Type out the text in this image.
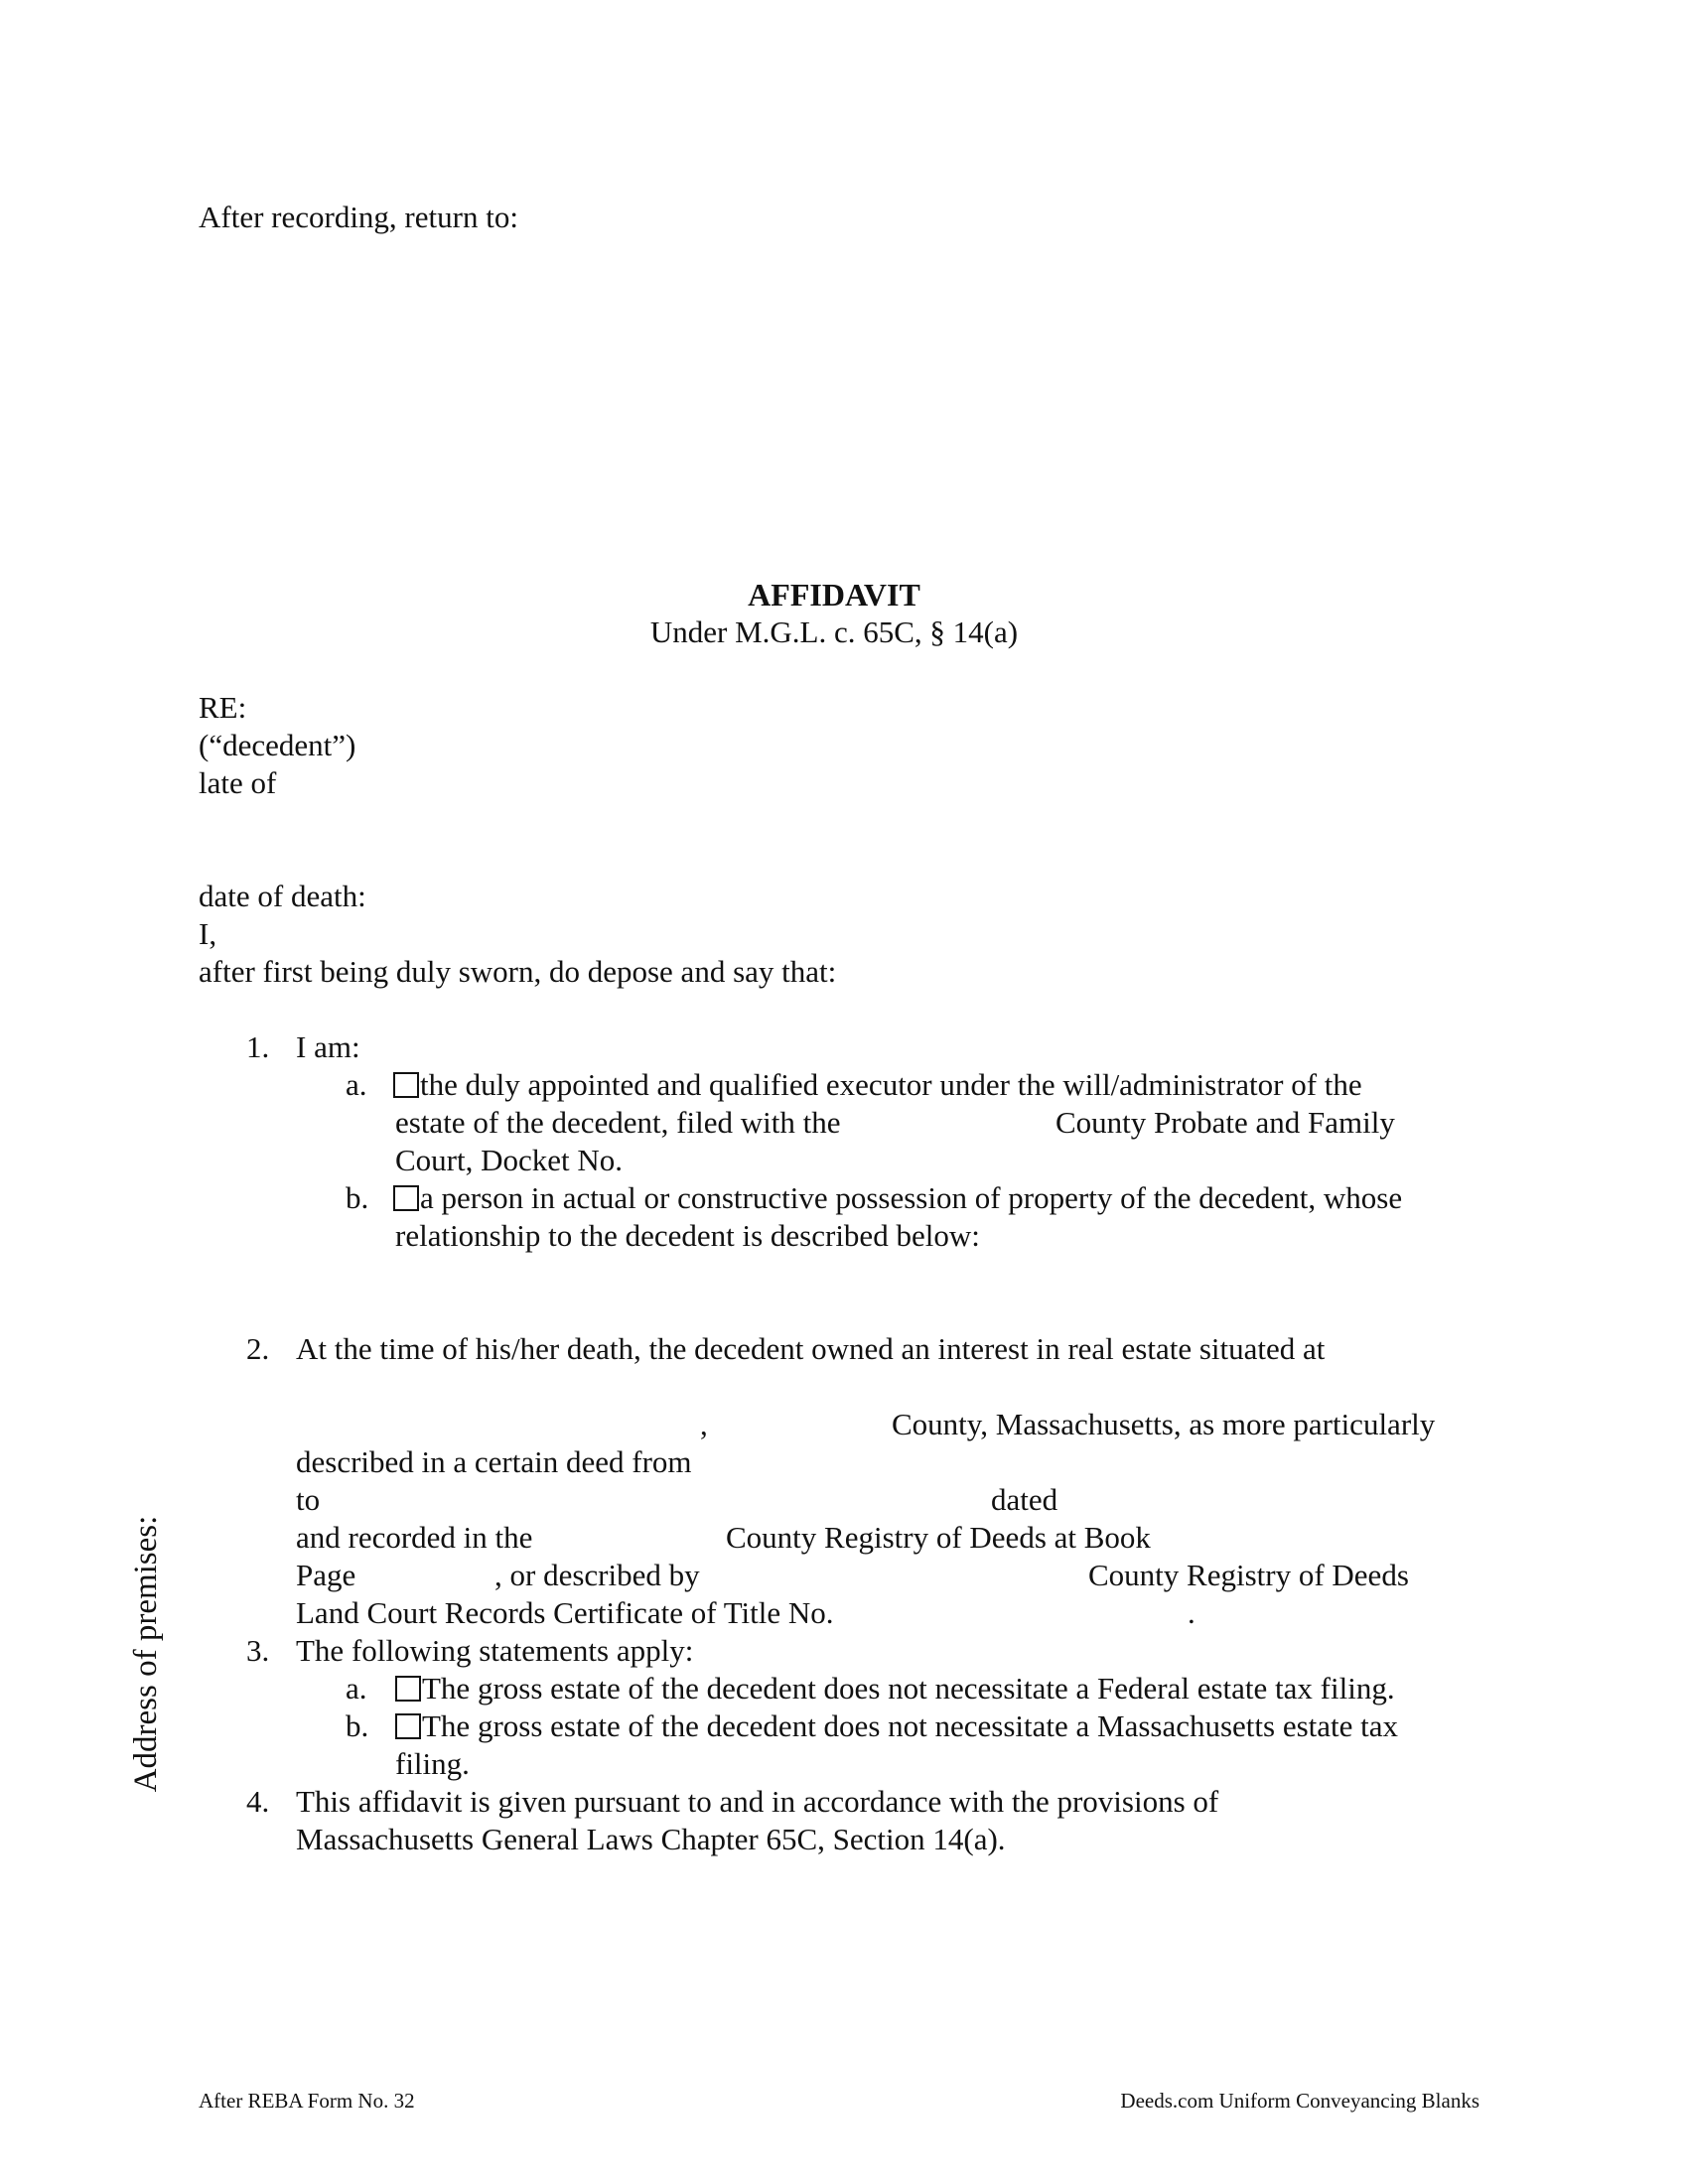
After recording, return to:
AFFIDAVIT
Under M.G.L. c. 65C, § 14(a)
RE:
(“decedent”)
late of
date of death:
I,
after first being duly sworn, do depose and say that:
1. I am:
a.	the duly appointed and qualified executor under the will/administrator of the
estate of the decedent, filed with the	County Probate and Family
Court, Docket No.
b.	a person in actual or constructive possession of property of the decedent, whose
relationship to the decedent is described below:
2. At the time of his/her death, the decedent owned an interest in real estate situated at
,	County, Massachusetts, as more particularly
described in a certain deed from
to	dated
and recorded in the	County Registry of Deeds at Book
Page	, or described by	County Registry of Deeds
Land Court Records Certificate of Title No.	.
3. The following statements apply:
a.	The gross estate of the decedent does not necessitate a Federal estate tax filing.
b.	The gross estate of the decedent does not necessitate a Massachusetts estate tax
filing.
4. This affidavit is given pursuant to and in accordance with the provisions of
Massachusetts General Laws Chapter 65C, Section 14(a).
Address of premises:
After REBA Form No. 32	Deeds.com Uniform Conveyancing Blanks
